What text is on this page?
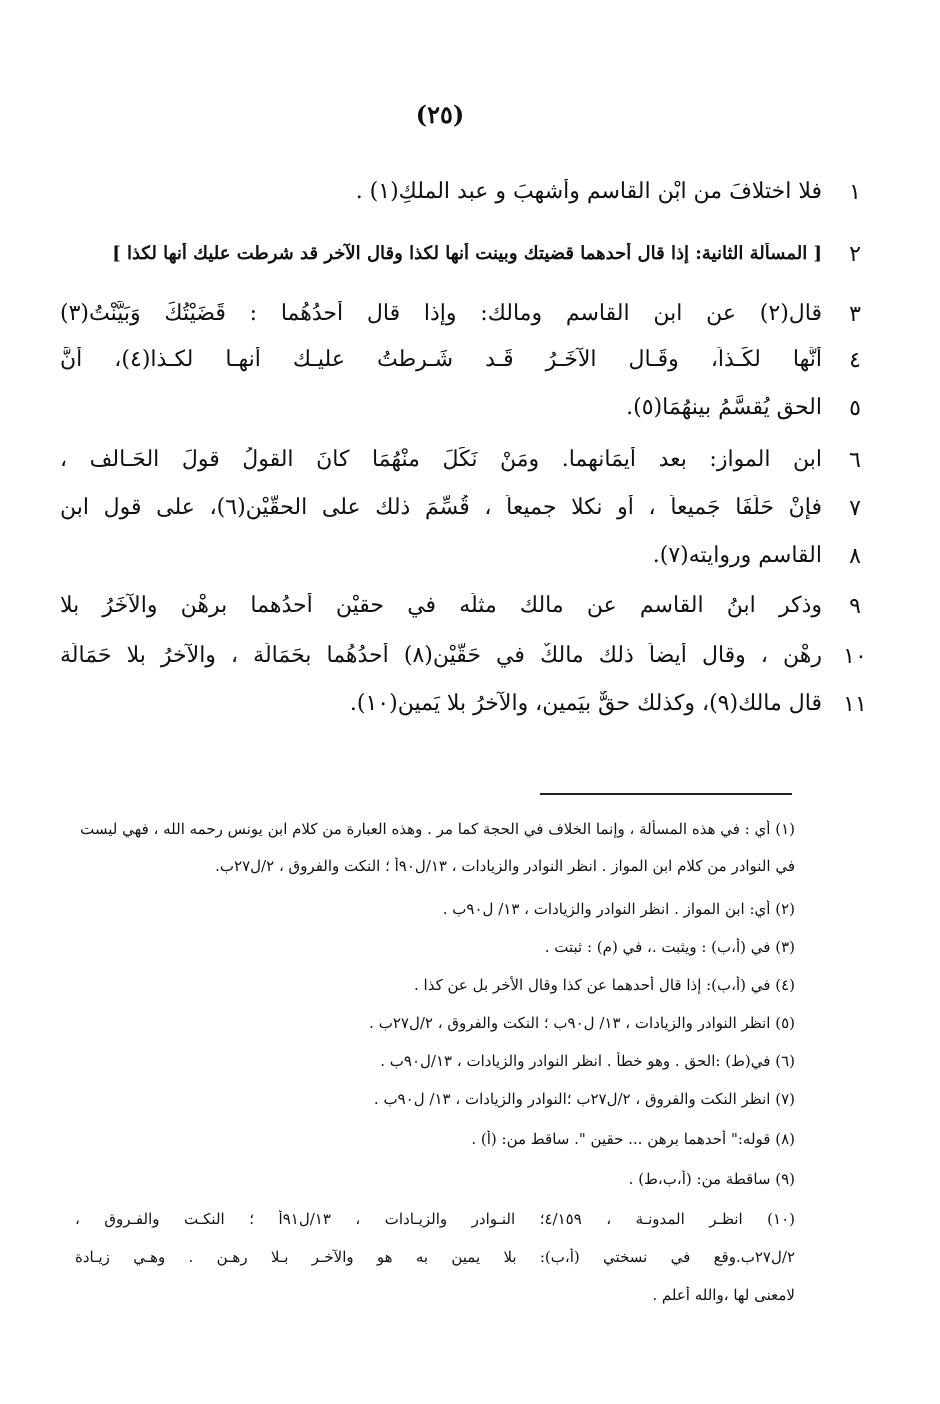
(٢٥)
١
فلا اختلافَ من ابْن القاسم وأشهبَ و عبد الملكِ(١) .
٢
[ المسألة الثانية: إذا قال أحدهما قضيتك وبينت أنها لكذا وقال الآخر قد شرطت عليك أنها لكذا ]
٣
قال(٢) عن ابن القاسم ومالك: وإذا قال أحدُهُما : قَضَيْتُكَ وَبَيَّنْتُ(٣)
٤
أنَّها لكَـذاَ، وقَـال الآخَـرُ قَـد شَـرطتُ عليـك أنهـا لكـذا(٤)، أنَّ
٥
الحق يُقسَّمُ بينهُمَا(٥).
٦
ابن المواز: بعد أيمَانهما. ومَنْ نَكَلَ منْهُمَا كانَ القولُ قولَ الحَـالف ،
٧
فإنْ حَلَفَا جَميعاً ، أو نكلا جميعاً ، قُسِّمَ ذلك على الحقَّيْن(٦)، على قول ابن
٨
القاسم وروايته(٧).
٩
وذكر ابنُ القاسم عن مالك مثلَه في حقيْن أحدُهما برهْنٍ والآخَرُ بلا
١٠
رهْنٍ ، وقال أيضاً ذلك مالكٌ في حَقَّيْن(٨) أحدُهُما بحَمَالَة ، والآخرُ بلا حَمَالَة
١١
قال مالك(٩)، وكذلك حقٌّ بيَمينٍ، والآخرُ بلا يَمينٍ(١٠).
(١) أي : في هذه المسألة ، وإنما الخلاف في الحجة كما مر . وهذه العبارة من كلام ابن يونس رحمه الله ، فهي ليست
في النوادر من كلام ابن المواز . انظر النوادر والزيادات ، ١٣/ل٩٠أ ؛ النكت والفروق ، ٢/ل٢٧ب.
(٢) أي: ابن المواز . انظر النوادر والزيادات ، ١٣/ ل٩٠ب .
(٣) في (أ،ب) : ويثبت .، في (م) : ثبتت .
(٤) في (أ،ب): إذا قال أحدهما عن كذا وقال الأخر بل عن كذا .
(٥) انظر النوادر والزيادات ، ١٣/ ل٩٠ب ؛ النكت والفروق ، ٢/ل٢٧ب .
(٦) في(ط) :الحق . وهو خطأ . انظر النوادر والزيادات ، ١٣/ل٩٠ب .
(٧) انظر النكت والفروق ، ٢/ل٢٧ب ؛النوادر والزيادات ، ١٣/ ل٩٠ب .
(٨) قوله:" أحدهما برهن ... حقين ". ساقط من: (أ) .
(٩) ساقطة من: (أ،ب،ط) .
(١٠) انظـر المدونـة ، ٤/١٥٩؛ النـوادر والزيـادات ، ١٣/ل٩١أ ؛ النكـت والفـروق ،
٢/ل٢٧ب.وقع في نسختي (أ،ب): بلا يمين به هو والآخـر بـلا رهـن . وهـي زيـادة
لامعنى لها ،والله أعلم .
